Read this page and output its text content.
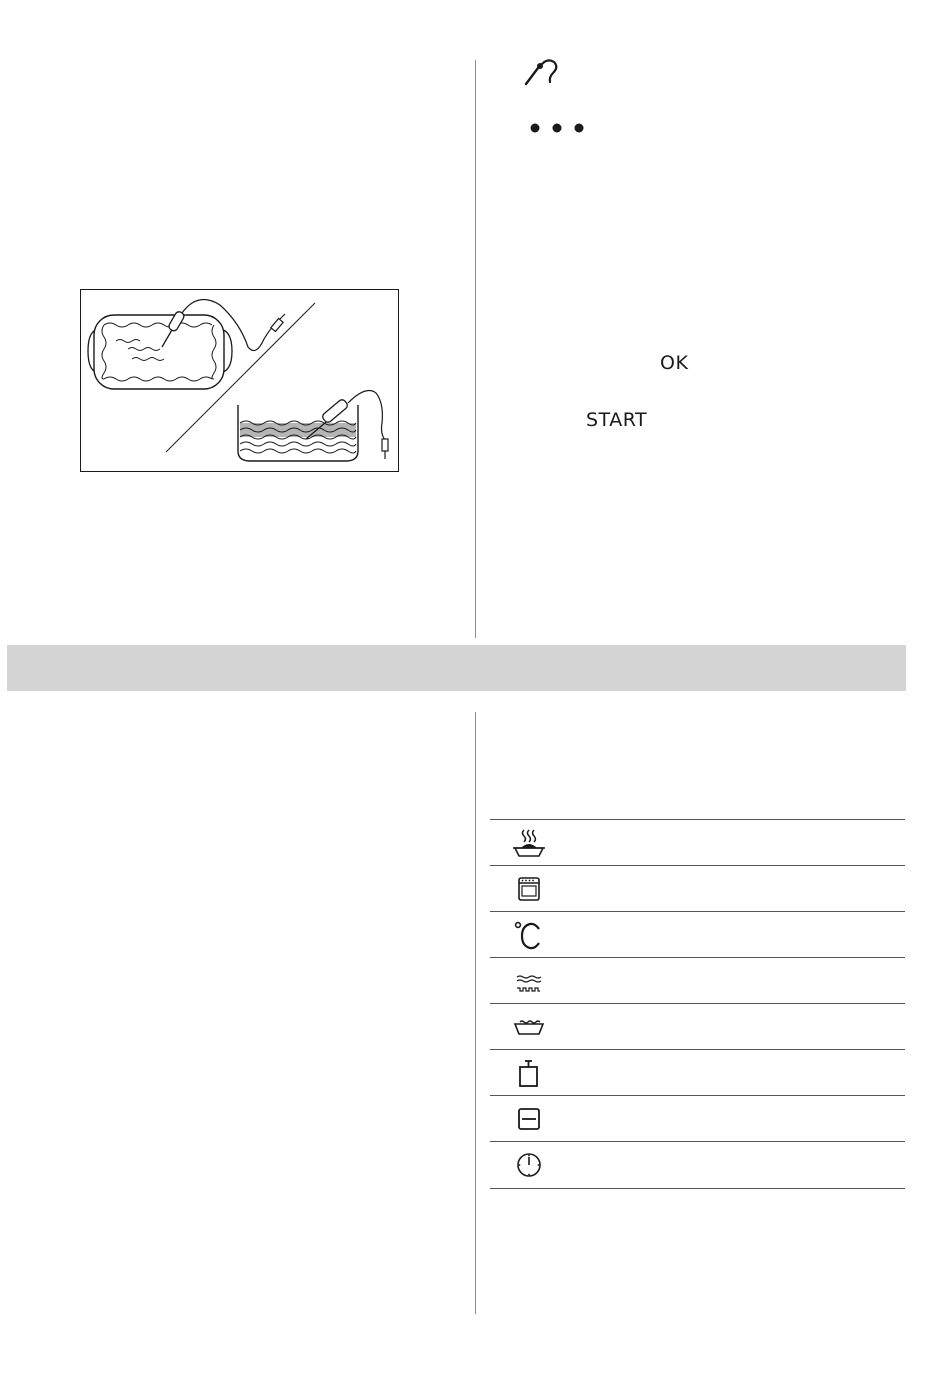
OK
START
